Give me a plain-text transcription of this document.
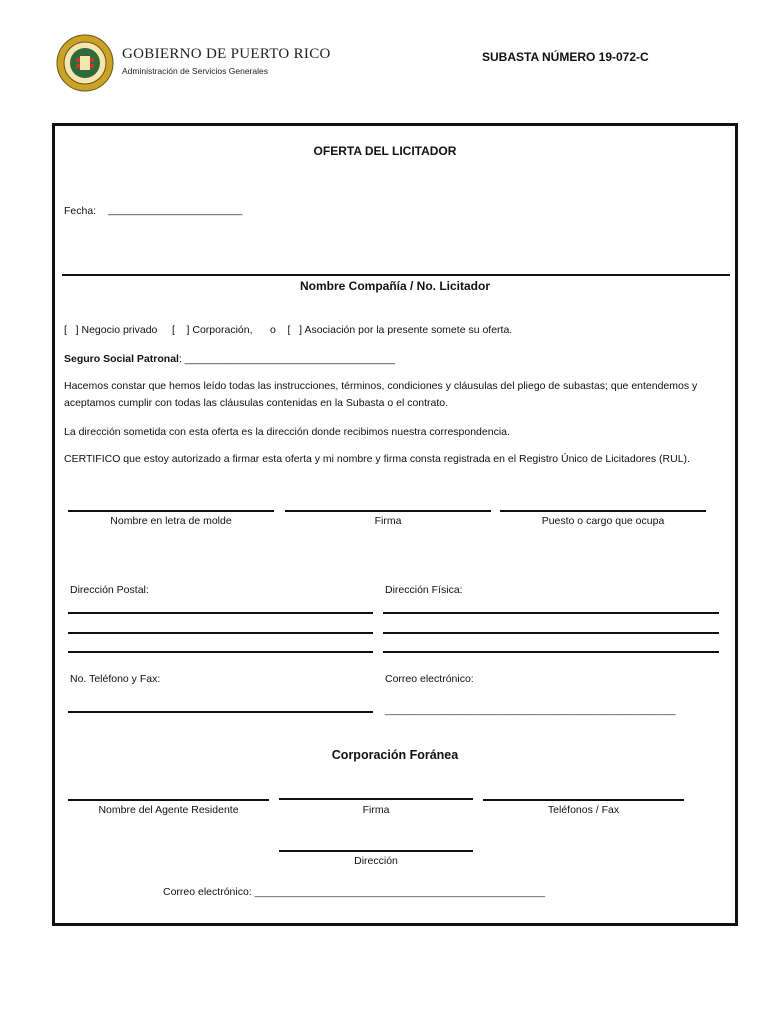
GOBIERNO DE PUERTO RICO
Administración de Servicios Generales
SUBASTA NÚMERO 19-072-C
OFERTA DEL LICITADOR
Fecha: _______________________
Nombre Compañía / No. Licitador
[   ] Negocio privado     [    ] Corporación,      o    [   ] Asociación por la presente somete su oferta.
Seguro Social Patronal: ____________________________________
Hacemos constar que hemos leído todas las instrucciones, términos, condiciones y cláusulas del pliego de subastas; que entendemos y aceptamos cumplir con todas las cláusulas contenidas en la Subasta o el contrato.
La dirección sometida con esta oferta es la dirección donde recibimos nuestra correspondencia.
CERTIFICO que estoy autorizado a firmar esta oferta y mi nombre y firma consta registrada en el Registro Único de Licitadores (RUL).
Nombre en letra de molde	Firma	Puesto o cargo que ocupa
Dirección Postal:	Dirección Física:
No. Teléfono y Fax:	Correo electrónico:
_______________________________________________________
Corporación Foránea
Nombre del Agente Residente	Firma	Teléfonos / Fax
Dirección
Correo electrónico: _______________________________________________________
